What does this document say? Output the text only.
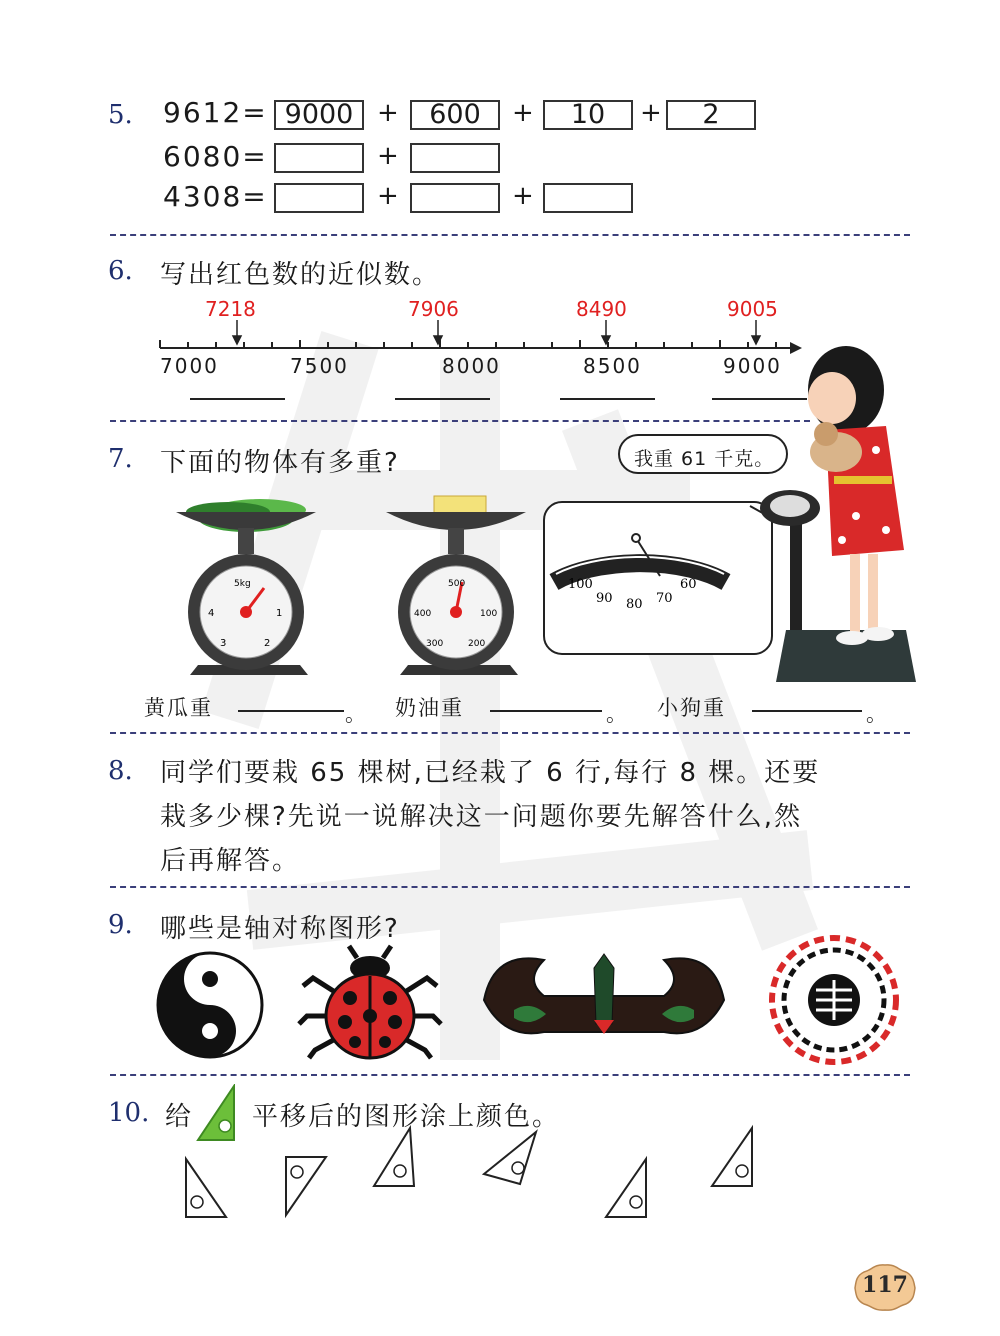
5. 9612= 9000 +	600	+	10	+	2
6080=	+
4308=	+	+
6. 写出红色数的近似数。
7218	7906	8490	9005
7000	7500	8000	8500	9000
7. 下面的物体有多重?
5kg
4	1
3	2
500
400	100
300	200
100
90 80 70
60
我重 61 千克。
黄瓜重	。 奶油重	。 小狗重	。
8. 同学们要栽 65 棵树,已经栽了 6 行,每行 8 棵。还要
栽多少棵?先说一说解决这一问题你要先解答什么,然
后再解答。
9. 哪些是轴对称图形?
10. 给 平移后的图形涂上颜色。
117
